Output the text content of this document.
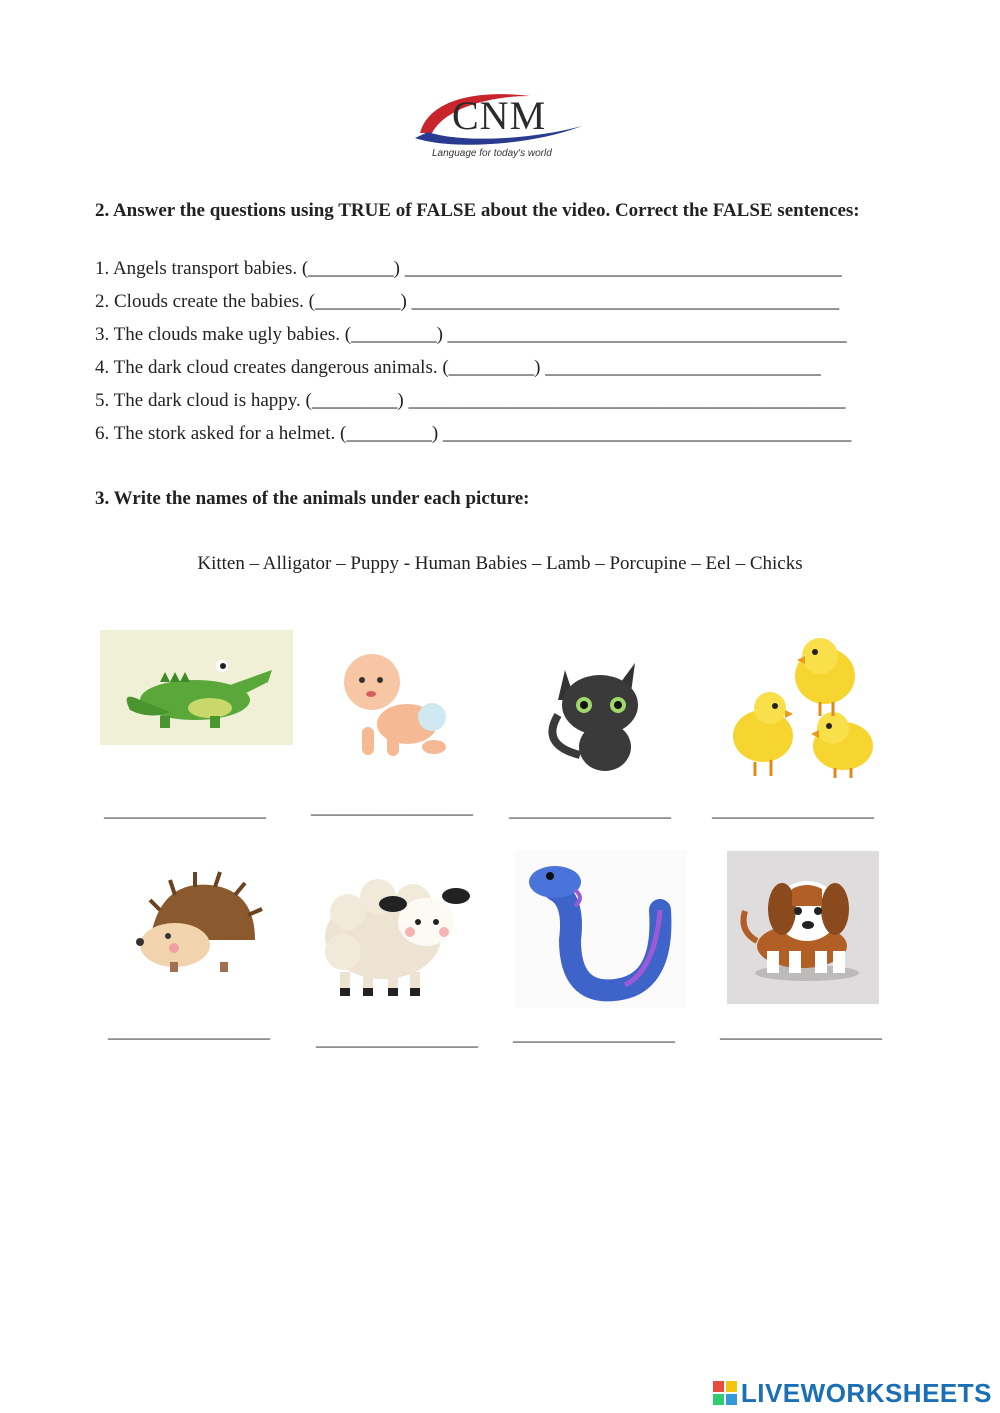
CNM
Language for today's world
2. Answer the questions using TRUE of FALSE about the video. Correct the FALSE sentences:
1. Angels transport babies. (_________) ______________________________________________
2. Clouds create the babies. (_________) _____________________________________________
3. The clouds make ugly babies. (_________) __________________________________________
4. The dark cloud creates dangerous animals. (_________) _____________________________
5. The dark cloud is happy. (_________) ______________________________________________
6. The stork asked for a helmet. (_________) ___________________________________________
3. Write the names of the animals under each picture:
Kitten – Alligator – Puppy - Human Babies – Lamb – Porcupine – Eel – Chicks
__________________	__________________ __________________ __________________
__________________	__________________ __________________	__________________
LIVEWORKSHEETS
